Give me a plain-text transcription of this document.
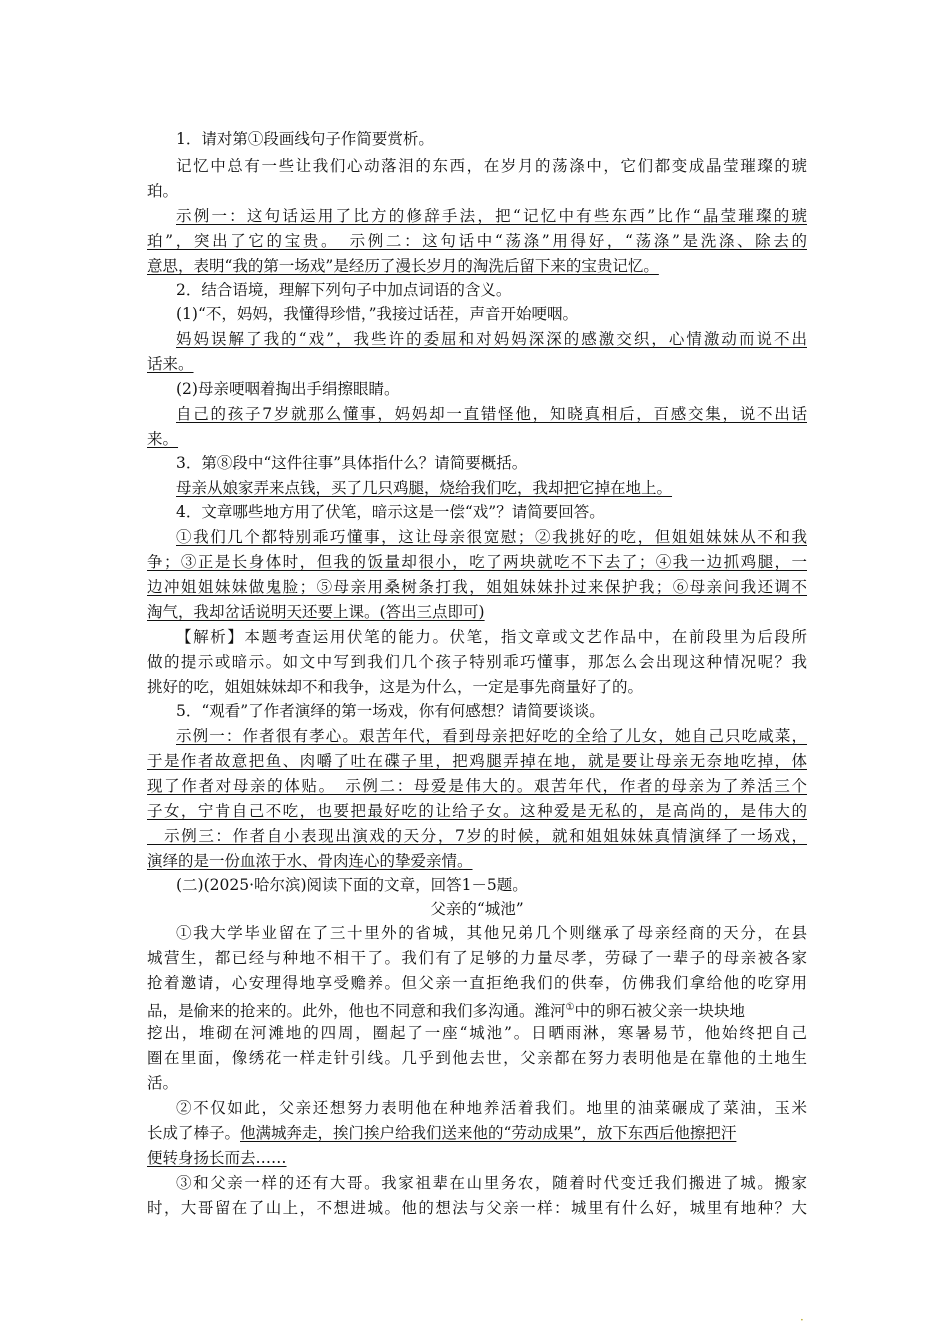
1．请对第①段画线句子作简要赏析。
记忆中总有一些让我们心动落泪的东西，在岁月的荡涤中，它们都变成晶莹璀璨的琥
珀。
示例一：这句话运用了比方的修辞手法，把“记忆中有些东西”比作“晶莹璀璨的琥
珀”，突出了它的宝贵。　示例二：这句话中“荡涤”用得好，“荡涤”是洗涤、除去的
意思，表明“我的第一场戏”是经历了漫长岁月的淘洗后留下来的宝贵记忆。
2．结合语境，理解下列句子中加点词语的含义。
(1)“不，妈妈，我懂得珍惜，”我接过话茬，声音开始哽咽。
妈妈误解了我的“戏”，我些许的委屈和对妈妈深深的感激交织，心情激动而说不出
话来。
(2)母亲哽咽着掏出手绢擦眼睛。
自己的孩子7岁就那么懂事，妈妈却一直错怪他，知晓真相后，百感交集，说不出话
来。
3．第⑧段中“这件往事”具体指什么？请简要概括。
母亲从娘家弄来点钱，买了几只鸡腿，烧给我们吃，我却把它掉在地上。
4．文章哪些地方用了伏笔，暗示这是一偿“戏”？请简要回答。
①我们几个都特别乖巧懂事，这让母亲很宽慰；②我挑好的吃，但姐姐妹妹从不和我
争；③正是长身体时，但我的饭量却很小，吃了两块就吃不下去了；④我一边抓鸡腿，一
边冲姐姐妹妹做鬼脸；⑤母亲用桑树条打我，姐姐妹妹扑过来保护我；⑥母亲问我还调不
淘气，我却岔话说明天还要上课。(答出三点即可)
【解析】本题考查运用伏笔的能力。伏笔，指文章或文艺作品中，在前段里为后段所
做的提示或暗示。如文中写到我们几个孩子特别乖巧懂事，那怎么会出现这种情况呢？我
挑好的吃，姐姐妹妹却不和我争，这是为什么，一定是事先商量好了的。
5．“观看”了作者演绎的第一场戏，你有何感想？请简要谈谈。
示例一：作者很有孝心。艰苦年代，看到母亲把好吃的全给了儿女，她自己只吃咸菜，
于是作者故意把鱼、肉嚼了吐在碟子里，把鸡腿弄掉在地，就是要让母亲无奈地吃掉，体
现了作者对母亲的体贴。　示例二：母爱是伟大的。艰苦年代，作者的母亲为了养活三个
子女，宁肯自己不吃，也要把最好吃的让给子女。这种爱是无私的，是高尚的，是伟大的
　示例三：作者自小表现出演戏的天分，7岁的时候，就和姐姐妹妹真情演绎了一场戏，
演绎的是一份血浓于水、骨肉连心的挚爱亲情。
(二)(2025·哈尔滨)阅读下面的文章，回答1－5题。
父亲的“城池”
①我大学毕业留在了三十里外的省城，其他兄弟几个则继承了母亲经商的天分，在县
城营生，都已经与种地不相干了。我们有了足够的力量尽孝，劳碌了一辈子的母亲被各家
抢着邀请，心安理得地享受赡养。但父亲一直拒绝我们的供奉，仿佛我们拿给他的吃穿用
品，是偷来的抢来的。此外，他也不同意和我们多沟通。潍河①中的卵石被父亲一块块地
挖出，堆砌在河滩地的四周，圈起了一座“城池”。日晒雨淋，寒暑易节，他始终把自己
圈在里面，像绣花一样走针引线。几乎到他去世，父亲都在努力表明他是在靠他的土地生
活。
②不仅如此，父亲还想努力表明他在种地养活着我们。地里的油菜碾成了菜油，玉米
长成了棒子。他满城奔走，挨门挨户给我们送来他的“劳动成果”，放下东西后他擦把汗
便转身扬长而去……
③和父亲一样的还有大哥。我家祖辈在山里务农，随着时代变迁我们搬进了城。搬家
时，大哥留在了山上，不想进城。他的想法与父亲一样：城里有什么好，城里有地种？大
·
